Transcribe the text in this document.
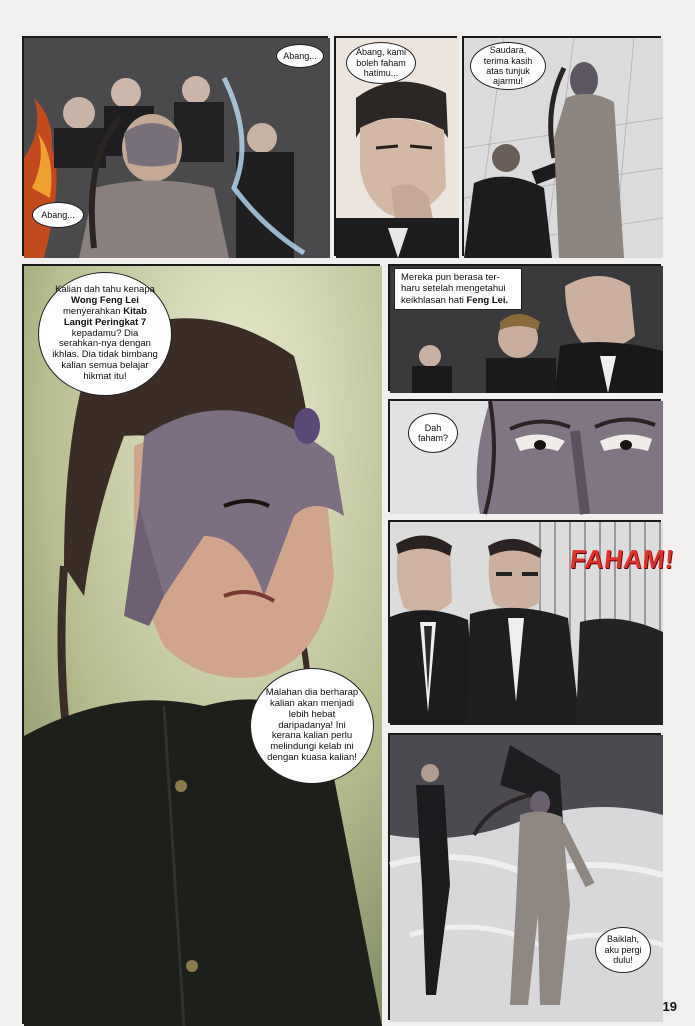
Abang...
Abang...
Abang, kami boleh faham hatimu...
Saudara, terima kasih atas tunjuk ajarmu!
Kalian dah tahu kenapa Wong Feng Lei menyerahkan Kitab Langit Peringkat 7 kepadamu? Dia serahkan-nya dengan ikhlas. Dia tidak bimbang kalian semua belajar hikmat itu!
Malahan dia berharap kalian akan menjadi lebih hebat daripadanya! Ini kerana kalian perlu melindungi kelab ini dengan kuasa kalian!
Mereka pun berasa ter-haru setelah mengetahui keikhlasan hati Feng Lei.
Dah faham?
FAHAM!
Baiklah, aku pergi dulu!
19
